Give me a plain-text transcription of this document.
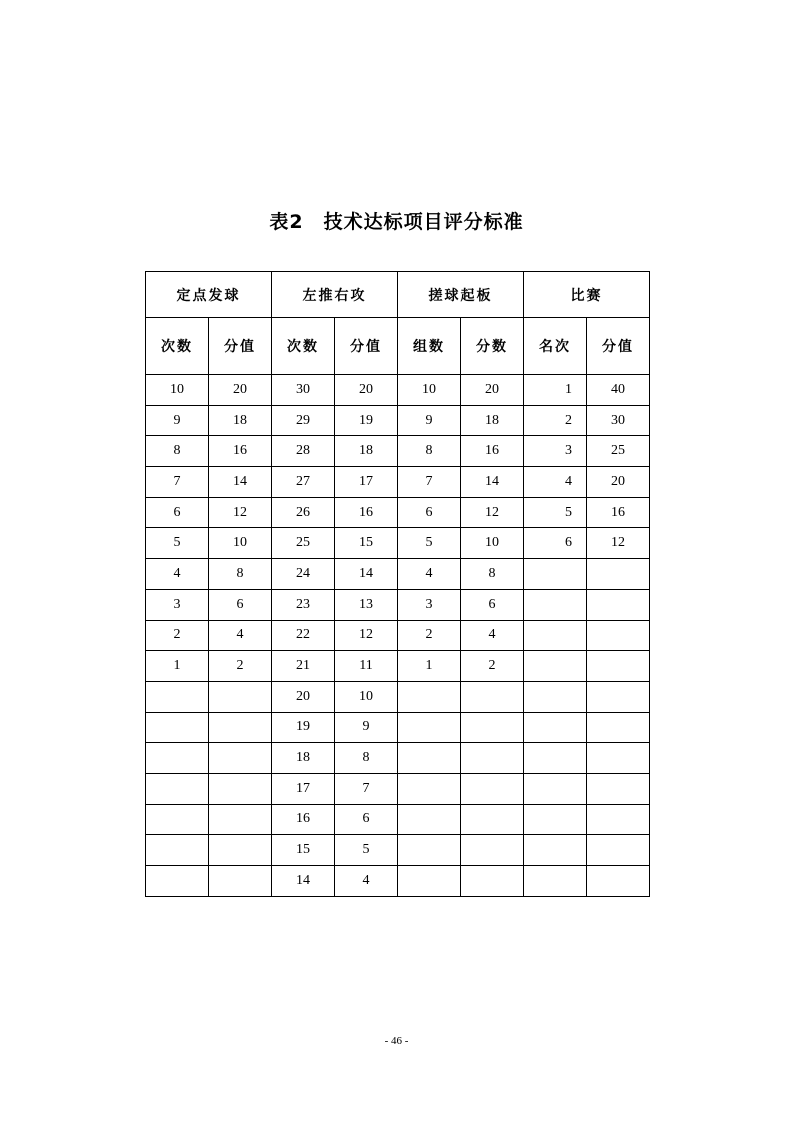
表2　技术达标项目评分标准
定点发球		左推右攻		搓球起板		比赛	
次数	分值	次数	分值	组数	分数	名次	分值
10	20	30	20	10	20	1	40
9	18	29	19	9	18	2	30
8	16	28	18	8	16	3	25
7	14	27	17	7	14	4	20
6	12	26	16	6	12	5	16
5	10	25	15	5	10	6	12
4	8	24	14	4	8		
3	6	23	13	3	6		
2	4	22	12	2	4		
1	2	21	11	1	2		
		20	10				
		19	9				
		18	8				
		17	7				
		16	6				
		15	5				
		14	4				
- 46 -
